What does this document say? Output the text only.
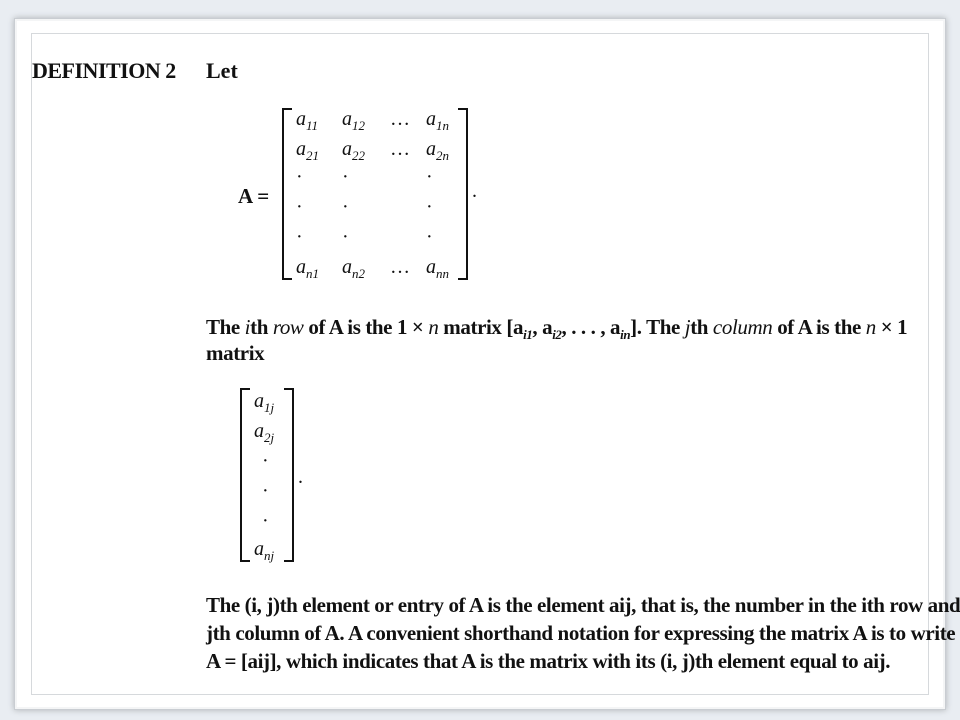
DEFINITION 2 Let
A =	.
$a_{11}$ $a_{12}$ … $a_{1n}$
$a_{21}$ $a_{22}$ … $a_{2n}$
· ·	·
· ·	·
· ·	·
$a_{n1}$ $a_{n2}$ … $a_{nn}$
The ith row of A is the 1 × n matrix [$a_{i1}$, $a_{i2}$, . . . , $a_{in}$]. The jth column of A is the n × 1
matrix
.
$a_{1j}$
$a_{2j}$
·
·
·
$a_{nj}$
The (i, j)th element or entry of A is the element aij, that is, the number in the ith row and
jth column of A. A convenient shorthand notation for expressing the matrix A is to write
A = [aij], which indicates that A is the matrix with its (i, j)th element equal to aij.
